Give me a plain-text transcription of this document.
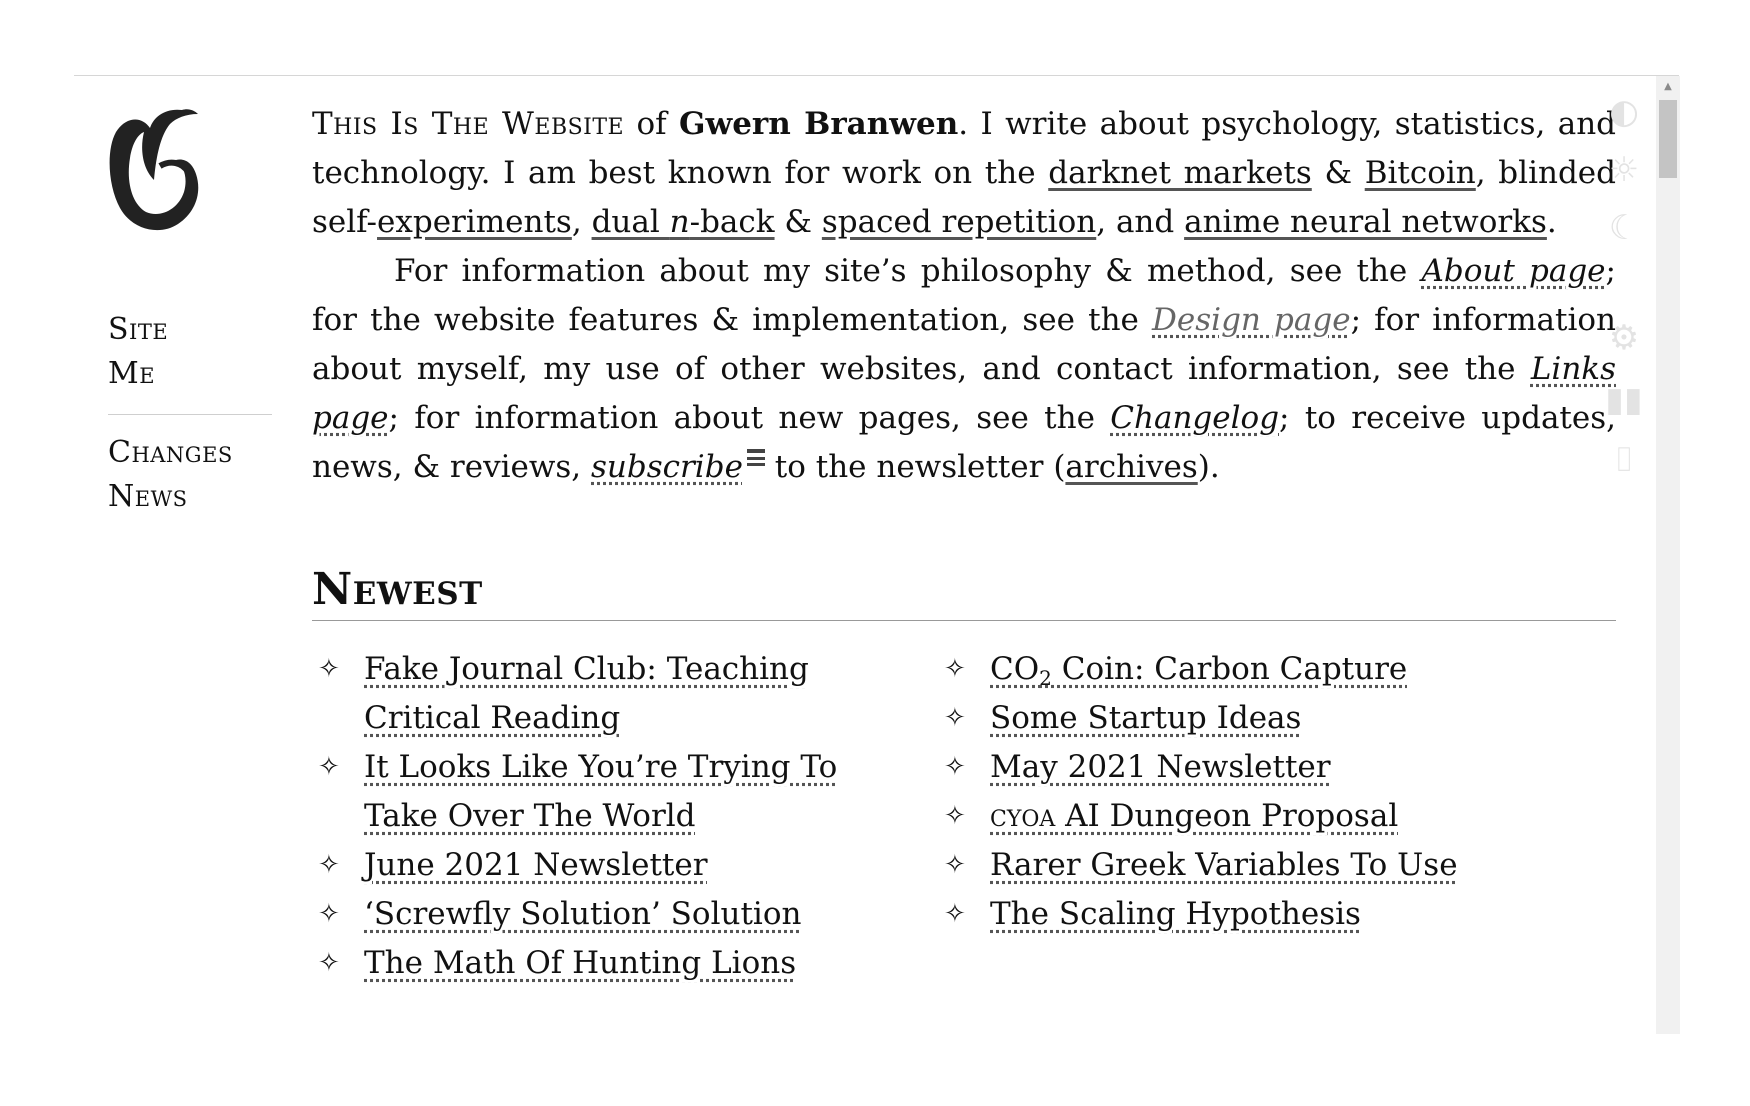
▲
Site
Me
Changes
News

This Is The Website of Gwern Branwen. I write about psychology, statistics, and technology. I am best known for work on the darknet markets & Bitcoin, blinded self-experiments, dual n-back & spaced repetition, and anime neural networks.

For information about my site’s philosophy & method, see the About page; for the website features & implementation, see the Design page; for information about myself, my use of other websites, and contact information, see the Links page; for information about new pages, see the Changelog; to receive updates, news, & reviews, subscribe to the newsletter (archives).

◐
☼
☾
⚙
▮▮
⌷
Newest
✧ Fake Journal Club: Teaching Critical Reading
✧ It Looks Like You’re Trying To Take Over The World
✧ June 2021 Newsletter
✧ ‘Screwfly Solution’ Solution
✧ The Math Of Hunting Lions
✧ $CO_2$ Coin: Carbon Capture
✧ Some Startup Ideas
✧ May 2021 Newsletter
✧ cyoa AI Dungeon Proposal
✧ Rarer Greek Variables To Use
✧ The Scaling Hypothesis
